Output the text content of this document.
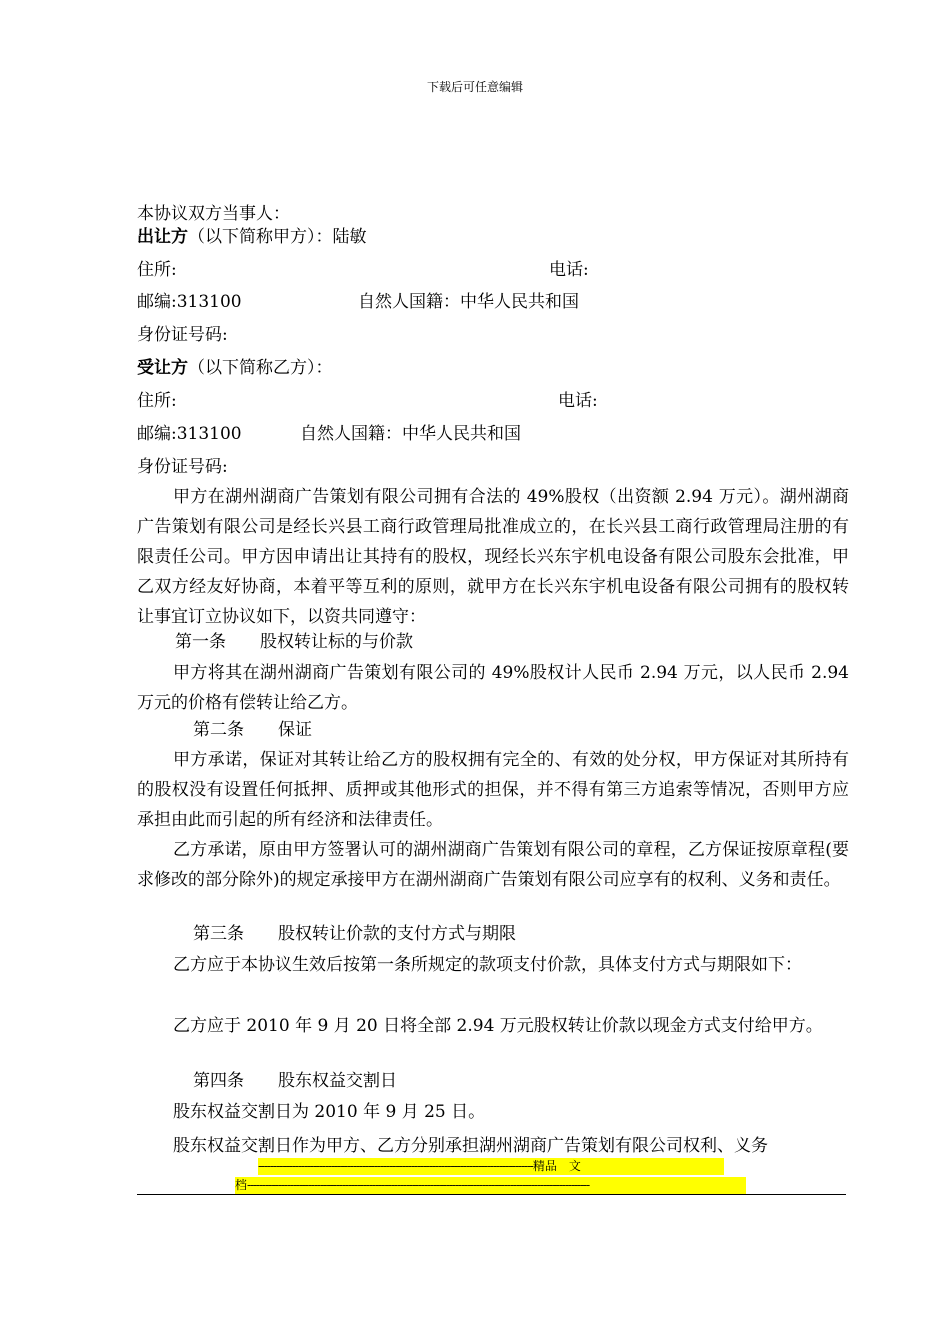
下载后可任意编辑
本协议双方当事人：
出让方（以下简称甲方）：陆敏
住所:	电话:
邮编:313100	自然人国籍：中华人民共和国
身份证号码:
受让方（以下简称乙方）：
住所:	电话:
邮编:313100	自然人国籍：中华人民共和国
身份证号码:
甲方在湖州湖商广告策划有限公司拥有合法的 49%股权（出资额 2.94 万元）。湖州湖商广告策划有限公司是经长兴县工商行政管理局批准成立的，在长兴县工商行政管理局注册的有限责任公司。甲方因申请出让其持有的股权，现经长兴东宇机电设备有限公司股东会批准，甲乙双方经友好协商，本着平等互利的原则，就甲方在长兴东宇机电设备有限公司拥有的股权转让事宜订立协议如下，以资共同遵守：
第一条 股权转让标的与价款
甲方将其在湖州湖商广告策划有限公司的 49%股权计人民币 2.94 万元，以人民币 2.94 万元的价格有偿转让给乙方。
第二条 保证
甲方承诺，保证对其转让给乙方的股权拥有完全的、有效的处分权，甲方保证对其所持有的股权没有设置任何抵押、质押或其他形式的担保，并不得有第三方追索等情况，否则甲方应承担由此而引起的所有经济和法律责任。
乙方承诺，原由甲方签署认可的湖州湖商广告策划有限公司的章程，乙方保证按原章程(要求修改的部分除外)的规定承接甲方在湖州湖商广告策划有限公司应享有的权利、义务和责任。
第三条 股权转让价款的支付方式与期限
乙方应于本协议生效后按第一条所规定的款项支付价款，具体支付方式与期限如下：
乙方应于 2010 年 9 月 20 日将全部 2.94 万元股权转让价款以现金方式支付给甲方。
第四条 股东权益交割日
股东权益交割日为 2010 年 9 月 25 日。
股东权益交割日作为甲方、乙方分别承担湖州湖商广告策划有限公司权利、义务
------------------------------------------------------------------------------------------精品　文
档----------------------------------------------------------------------------------------------------------------
